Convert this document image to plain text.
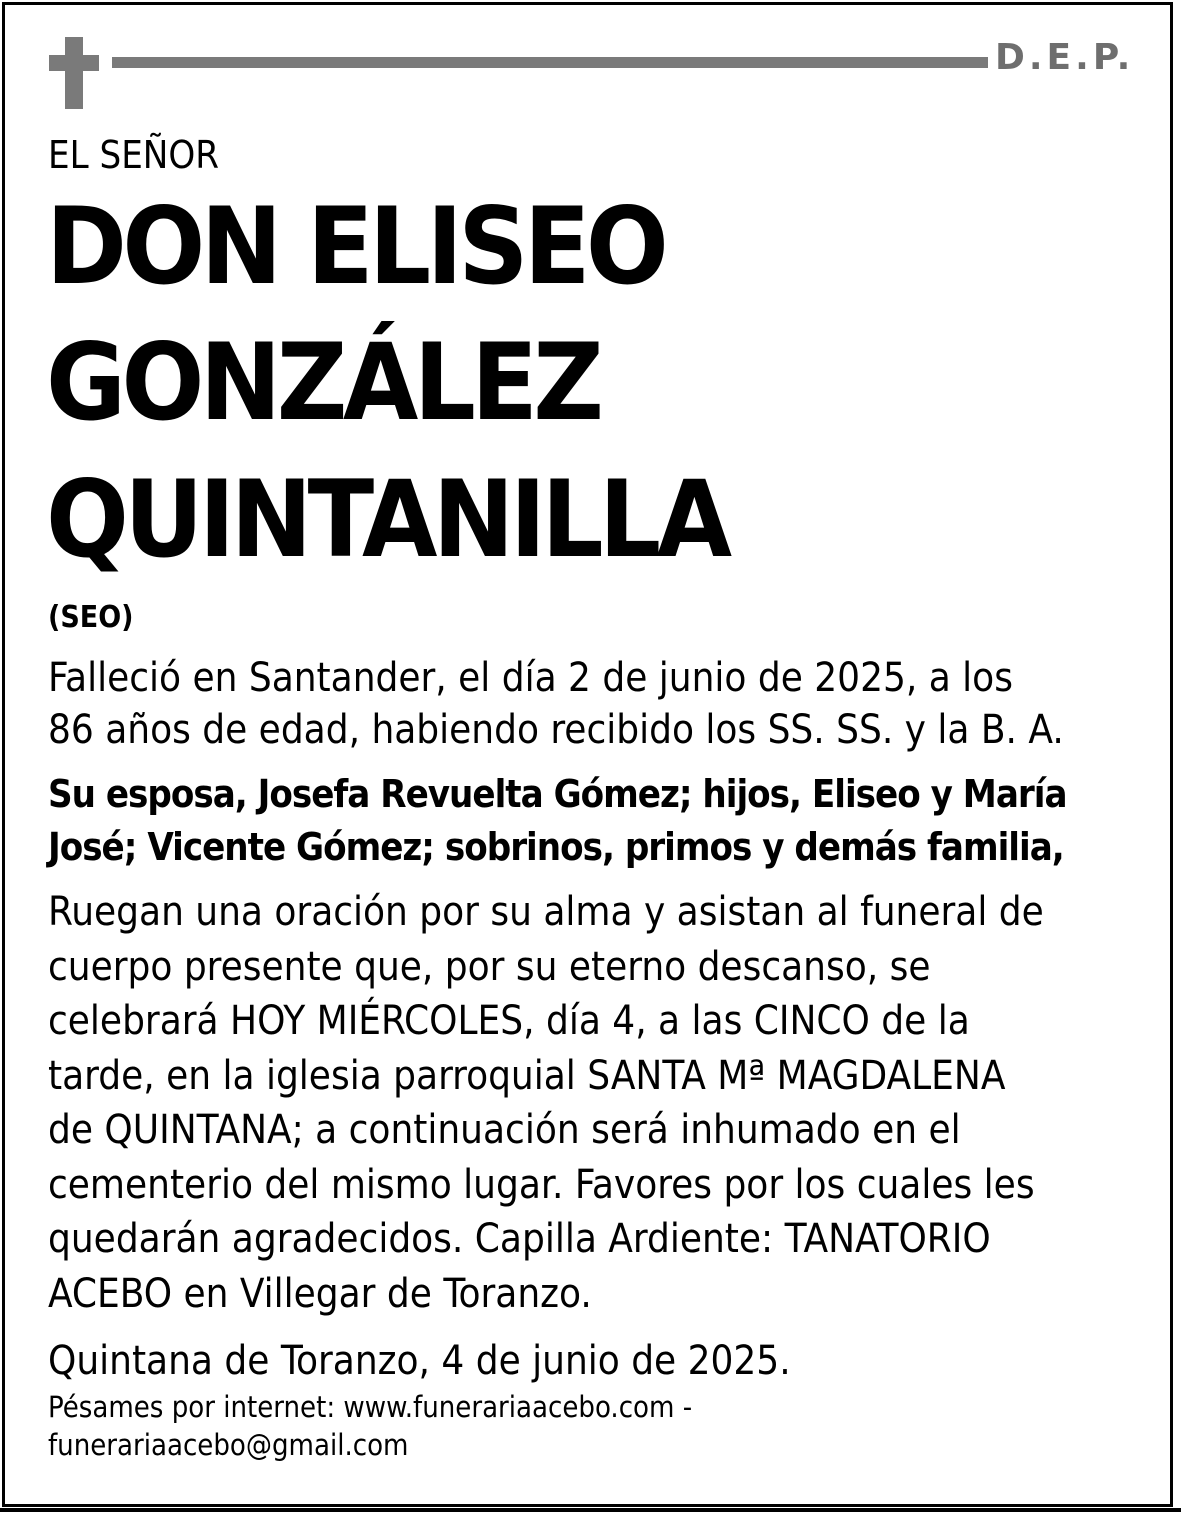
D.E.P.
EL SEÑOR
DON ELISEO
GONZÁLEZ
QUINTANILLA
(SEO)
Falleció en Santander, el día 2 de junio de 2025, a los
86 años de edad, habiendo recibido los SS. SS. y la B. A.
Su esposa, Josefa Revuelta Gómez; hijos, Eliseo y María
José; Vicente Gómez; sobrinos, primos y demás familia,
Ruegan una oración por su alma y asistan al funeral de
cuerpo presente que, por su eterno descanso, se
celebrará HOY MIÉRCOLES, día 4, a las CINCO de la
tarde, en la iglesia parroquial SANTA Mª MAGDALENA
de QUINTANA; a continuación será inhumado en el
cementerio del mismo lugar. Favores por los cuales les
quedarán agradecidos. Capilla Ardiente: TANATORIO
ACEBO en Villegar de Toranzo.
Quintana de Toranzo, 4 de junio de 2025.
Pésames por internet: www.funerariaacebo.com -
funerariaacebo@gmail.com
